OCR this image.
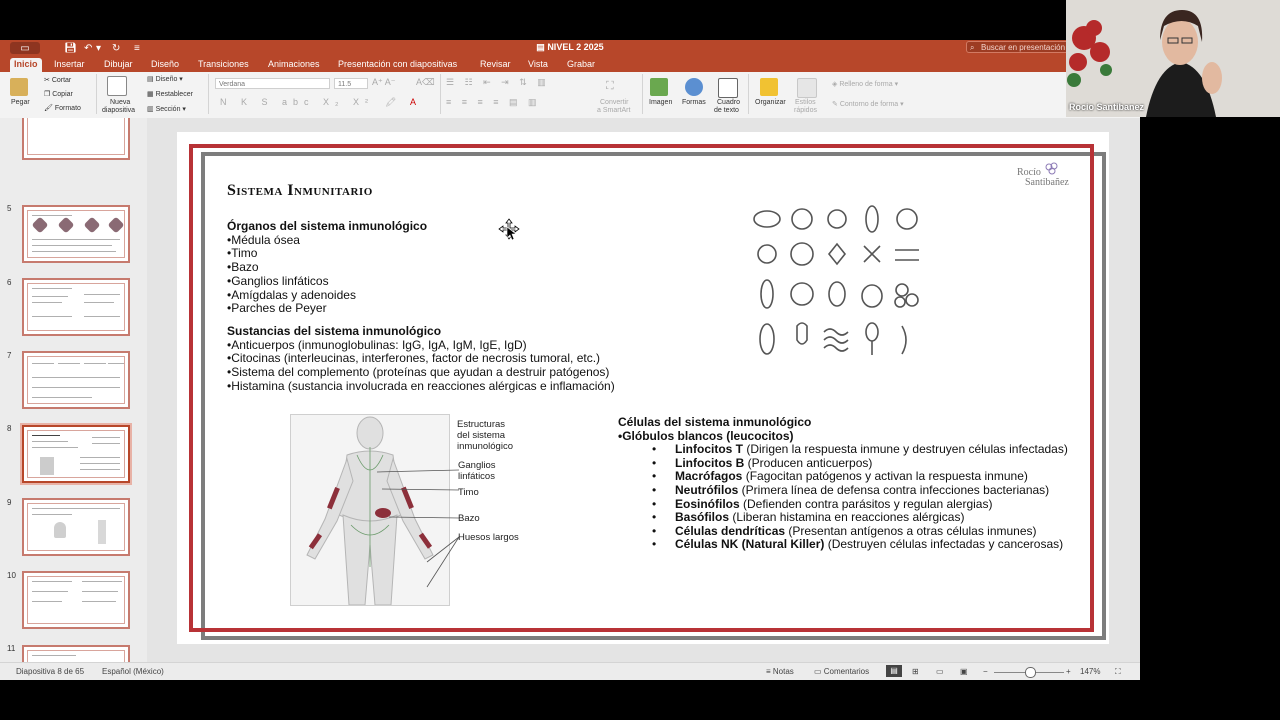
▭	💾︎ ↶ ▾ ↻ ≡	▤ NIVEL 2 2025	⌕ Buscar en presentación
Inicio	Insertar	Dibujar	Diseño	Transiciones	Animaciones	Presentación con diapositivas	Revisar	Vista	Grabar
Pegar
✂ Cortar
❐ Copiar
🖌︎ Formato
Nueva
diapositiva
▤ Diseño ▾
▦ Restablecer
▥ Sección ▾
Verdana	11.5	A⁺ A⁻ A⌫
N K S abc X₂ X² 🖍︎ A
☰ ☷ ⇤ ⇥ ⇅ ▥
≡ ≡ ≡ ≡ ▤ ▥
⛶
Convertir
a SmartArt
Imagen Formas Cuadro
de texto
Organizar Estilos
rápidos
◈ Relleno de forma ▾
✎ Contorno de forma ▾
5
6
7
8
9
10
11
Sistema Inmunitario
Rocío
Santibañez
Órganos del sistema inmunológico
•Médula ósea
•Timo
•Bazo
•Ganglios linfáticos
•Amígdalas y adenoides
•Parches de Peyer
Sustancias del sistema inmunológico
•Anticuerpos (inmunoglobulinas: IgG, IgA, IgM, IgE, IgD)
•Citocinas (interleucinas, interferones, factor de necrosis tumoral, etc.)
•Sistema del complemento (proteínas que ayudan a destruir patógenos)
•Histamina (sustancia involucrada en reacciones alérgicas e inflamación)
Estructuras
del sistema
inmunológico
Ganglios
linfáticos
Timo
Bazo
Huesos largos
Células del sistema inmunológico
•Glóbulos blancos (leucocitos)
• Linfocitos T (Dirigen la respuesta inmune y destruyen células infectadas)
• Linfocitos B (Producen anticuerpos)
• Macrófagos (Fagocitan patógenos y activan la respuesta inmune)
• Neutrófilos (Primera línea de defensa contra infecciones bacterianas)
• Eosinófilos (Defienden contra parásitos y regulan alergias)
• Basófilos (Liberan histamina en reacciones alérgicas)
• Células dendríticas (Presentan antígenos a otras células inmunes)
• Células NK (Natural Killer) (Destruyen células infectadas y cancerosas)
Diapositiva 8 de 65 Español (México)	≡ Notas	▭ Comentarios	▤	⊞ ▭ ▣ −	+ 147% ⛶
Rocio Santibanez
